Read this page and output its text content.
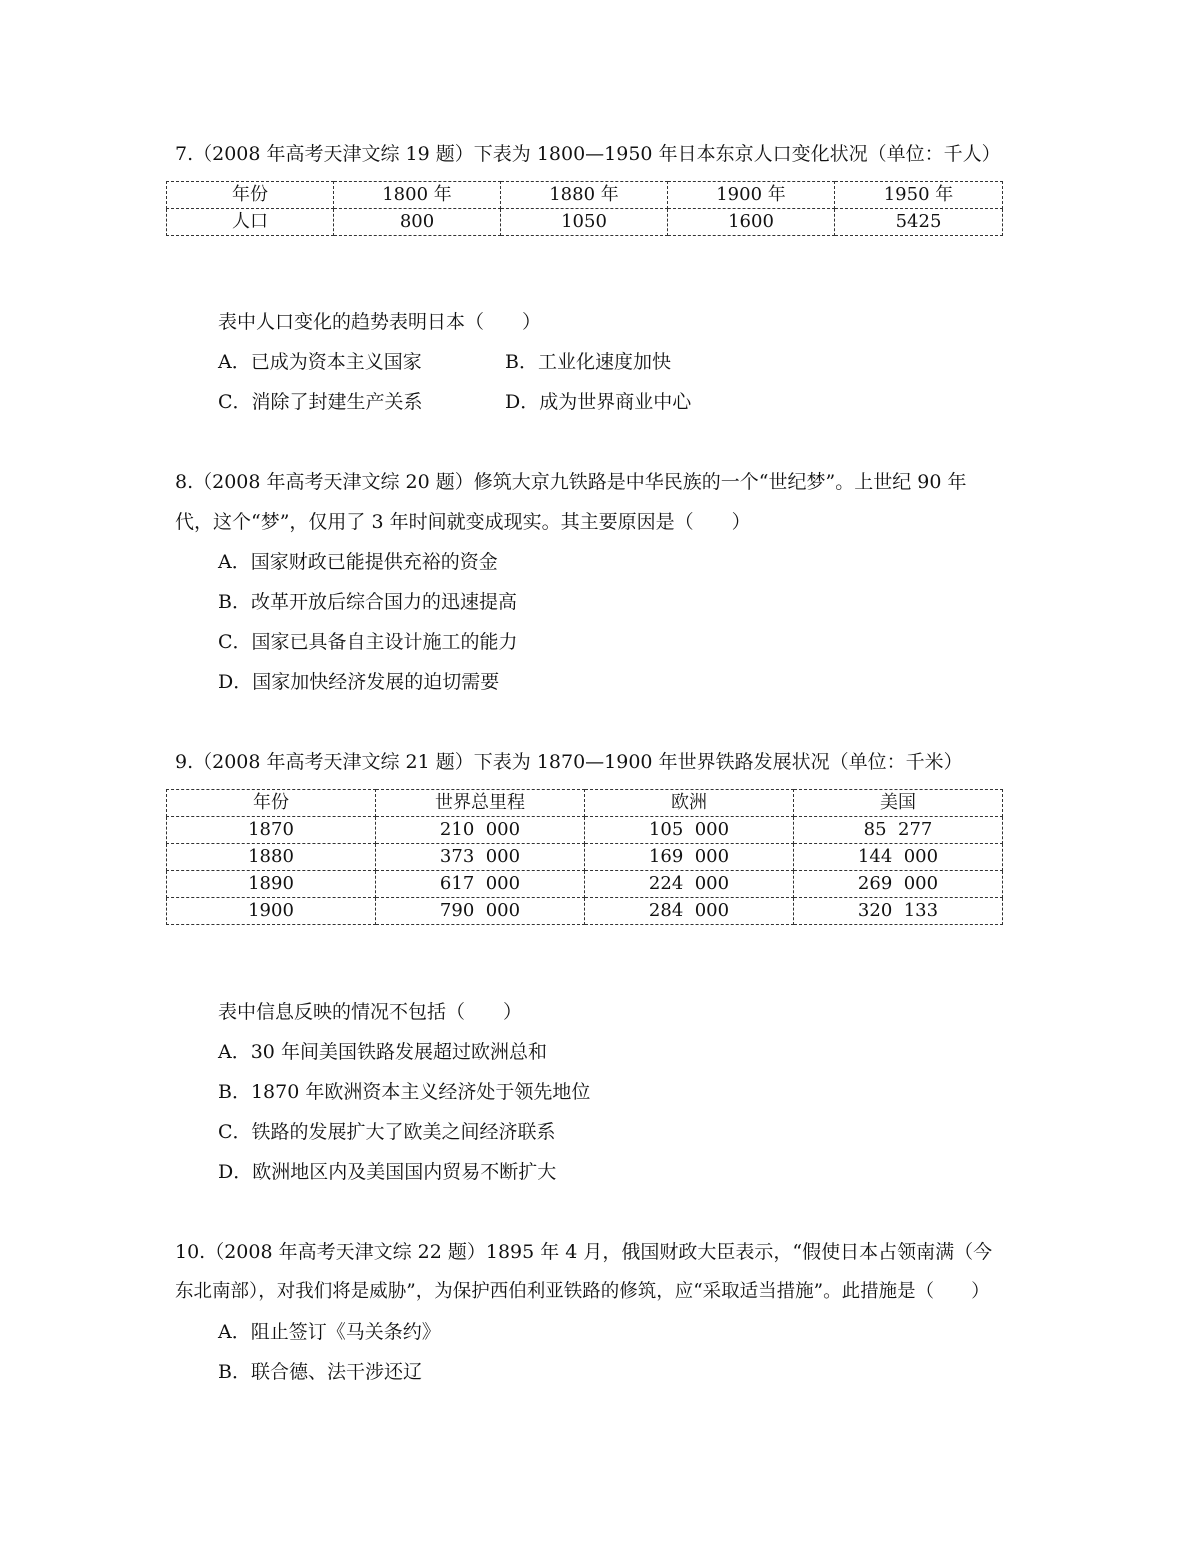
7.（2008 年高考天津文综 19 题）下表为 1800—1950 年日本东京人口变化状况（单位：千人）
年份	1800 年	1880 年	1900 年	1950 年
人口	800	1050	1600	5425
表中人口变化的趋势表明日本（　　）
A．已成为资本主义国家	B．工业化速度加快
C．消除了封建生产关系	D．成为世界商业中心
8.（2008 年高考天津文综 20 题）修筑大京九铁路是中华民族的一个“世纪梦”。上世纪 90 年
代，这个“梦”，仅用了 3 年时间就变成现实。其主要原因是（　　）
A．国家财政已能提供充裕的资金
B．改革开放后综合国力的迅速提高
C．国家已具备自主设计施工的能力
D．国家加快经济发展的迫切需要
9.（2008 年高考天津文综 21 题）下表为 1870—1900 年世界铁路发展状况（单位：千米）
年份	世界总里程	欧洲	美国
1870	210  000	105  000	85  277
1880	373  000	169  000	144  000
1890	617  000	224  000	269  000
1900	790  000	284  000	320  133
表中信息反映的情况不包括（　　）
A．30 年间美国铁路发展超过欧洲总和
B．1870 年欧洲资本主义经济处于领先地位
C．铁路的发展扩大了欧美之间经济联系
D．欧洲地区内及美国国内贸易不断扩大
10.（2008 年高考天津文综 22 题）1895 年 4 月，俄国财政大臣表示，“假使日本占领南满（今
东北南部），对我们将是威胁”，为保护西伯利亚铁路的修筑，应“采取适当措施”。此措施是（　　）
A．阻止签订《马关条约》
B．联合德、法干涉还辽
